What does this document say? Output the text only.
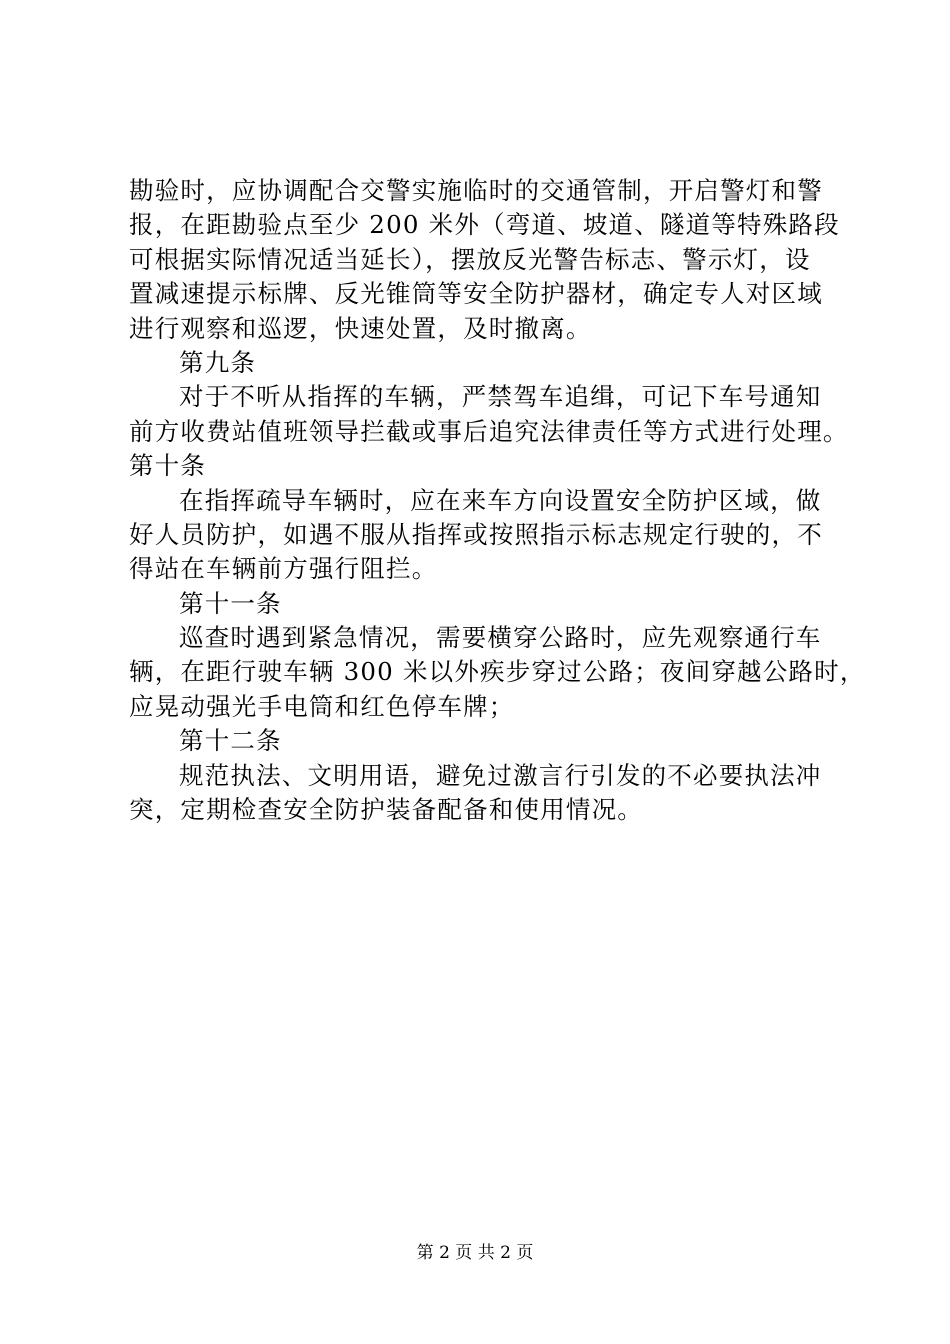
勘验时，应协调配合交警实施临时的交通管制，开启警灯和警
报，在距勘验点至少 200 米外（弯道、坡道、隧道等特殊路段
可根据实际情况适当延长），摆放反光警告标志、警示灯，设
置减速提示标牌、反光锥筒等安全防护器材，确定专人对区域
进行观察和巡逻，快速处置，及时撤离。
第九条
对于不听从指挥的车辆，严禁驾车追缉，可记下车号通知
前方收费站值班领导拦截或事后追究法律责任等方式进行处理。
第十条
在指挥疏导车辆时，应在来车方向设置安全防护区域，做
好人员防护，如遇不服从指挥或按照指示标志规定行驶的，不
得站在车辆前方强行阻拦。
第十一条
巡查时遇到紧急情况，需要横穿公路时，应先观察通行车
辆，在距行驶车辆 300 米以外疾步穿过公路；夜间穿越公路时，
应晃动强光手电筒和红色停车牌；
第十二条
规范执法、文明用语，避免过激言行引发的不必要执法冲
突，定期检查安全防护装备配备和使用情况。
第 2 页 共 2 页
